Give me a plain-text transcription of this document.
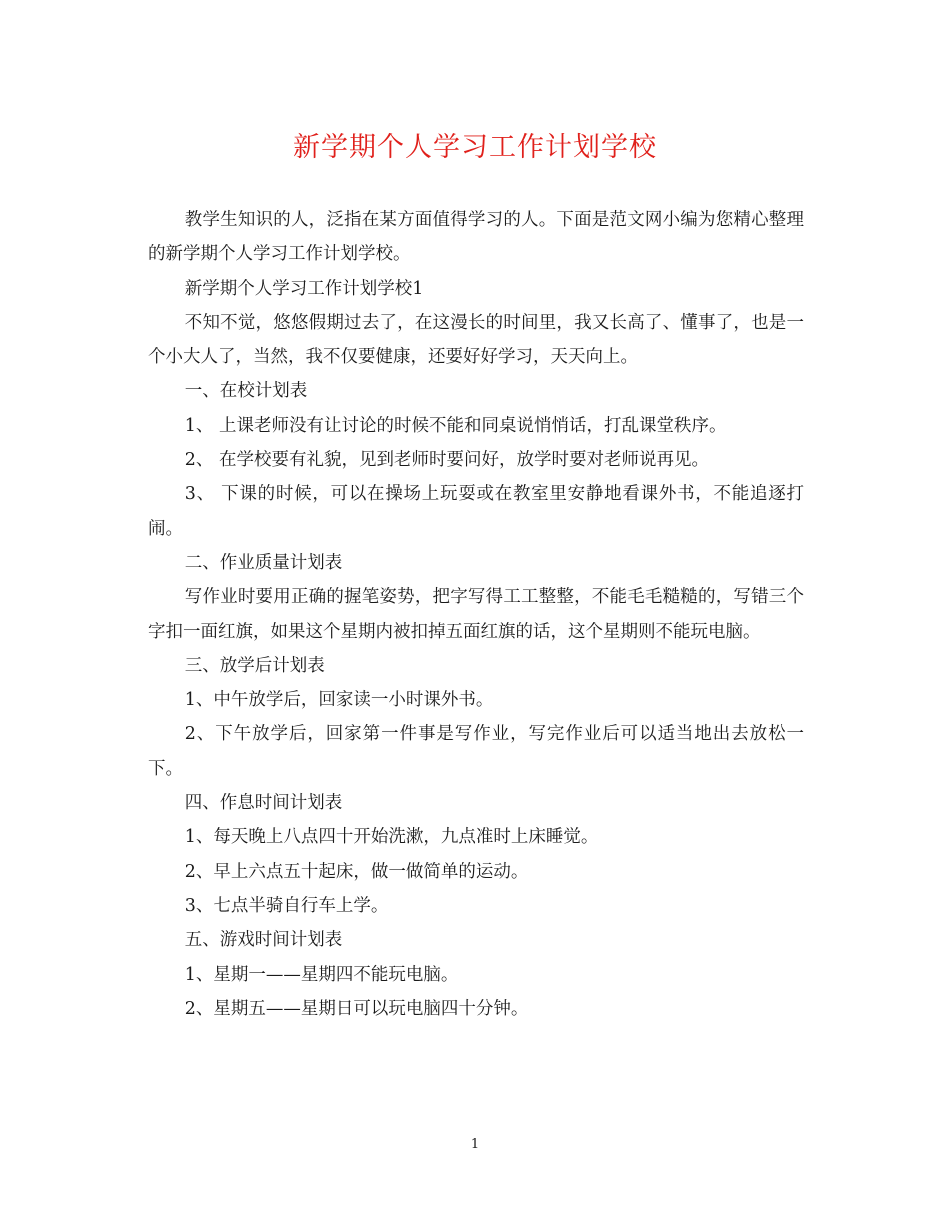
新学期个人学习工作计划学校

教学生知识的人，泛指在某方面值得学习的人。下面是范文网小编为您精心整理的新学期个人学习工作计划学校。

新学期个人学习工作计划学校1

不知不觉，悠悠假期过去了，在这漫长的时间里，我又长高了、懂事了，也是一个小大人了，当然，我不仅要健康，还要好好学习，天天向上。

一、在校计划表

1、 上课老师没有让讨论的时候不能和同桌说悄悄话，打乱课堂秩序。

2、 在学校要有礼貌，见到老师时要问好，放学时要对老师说再见。

3、 下课的时候，可以在操场上玩耍或在教室里安静地看课外书，不能追逐打闹。

二、作业质量计划表

写作业时要用正确的握笔姿势，把字写得工工整整，不能毛毛糙糙的，写错三个字扣一面红旗，如果这个星期内被扣掉五面红旗的话，这个星期则不能玩电脑。

三、放学后计划表

1、中午放学后，回家读一小时课外书。

2、下午放学后，回家第一件事是写作业，写完作业后可以适当地出去放松一下。

四、作息时间计划表

1、每天晚上八点四十开始洗漱，九点准时上床睡觉。

2、早上六点五十起床，做一做简单的运动。

3、七点半骑自行车上学。

五、游戏时间计划表

1、星期一——星期四不能玩电脑。

2、星期五——星期日可以玩电脑四十分钟。

1
